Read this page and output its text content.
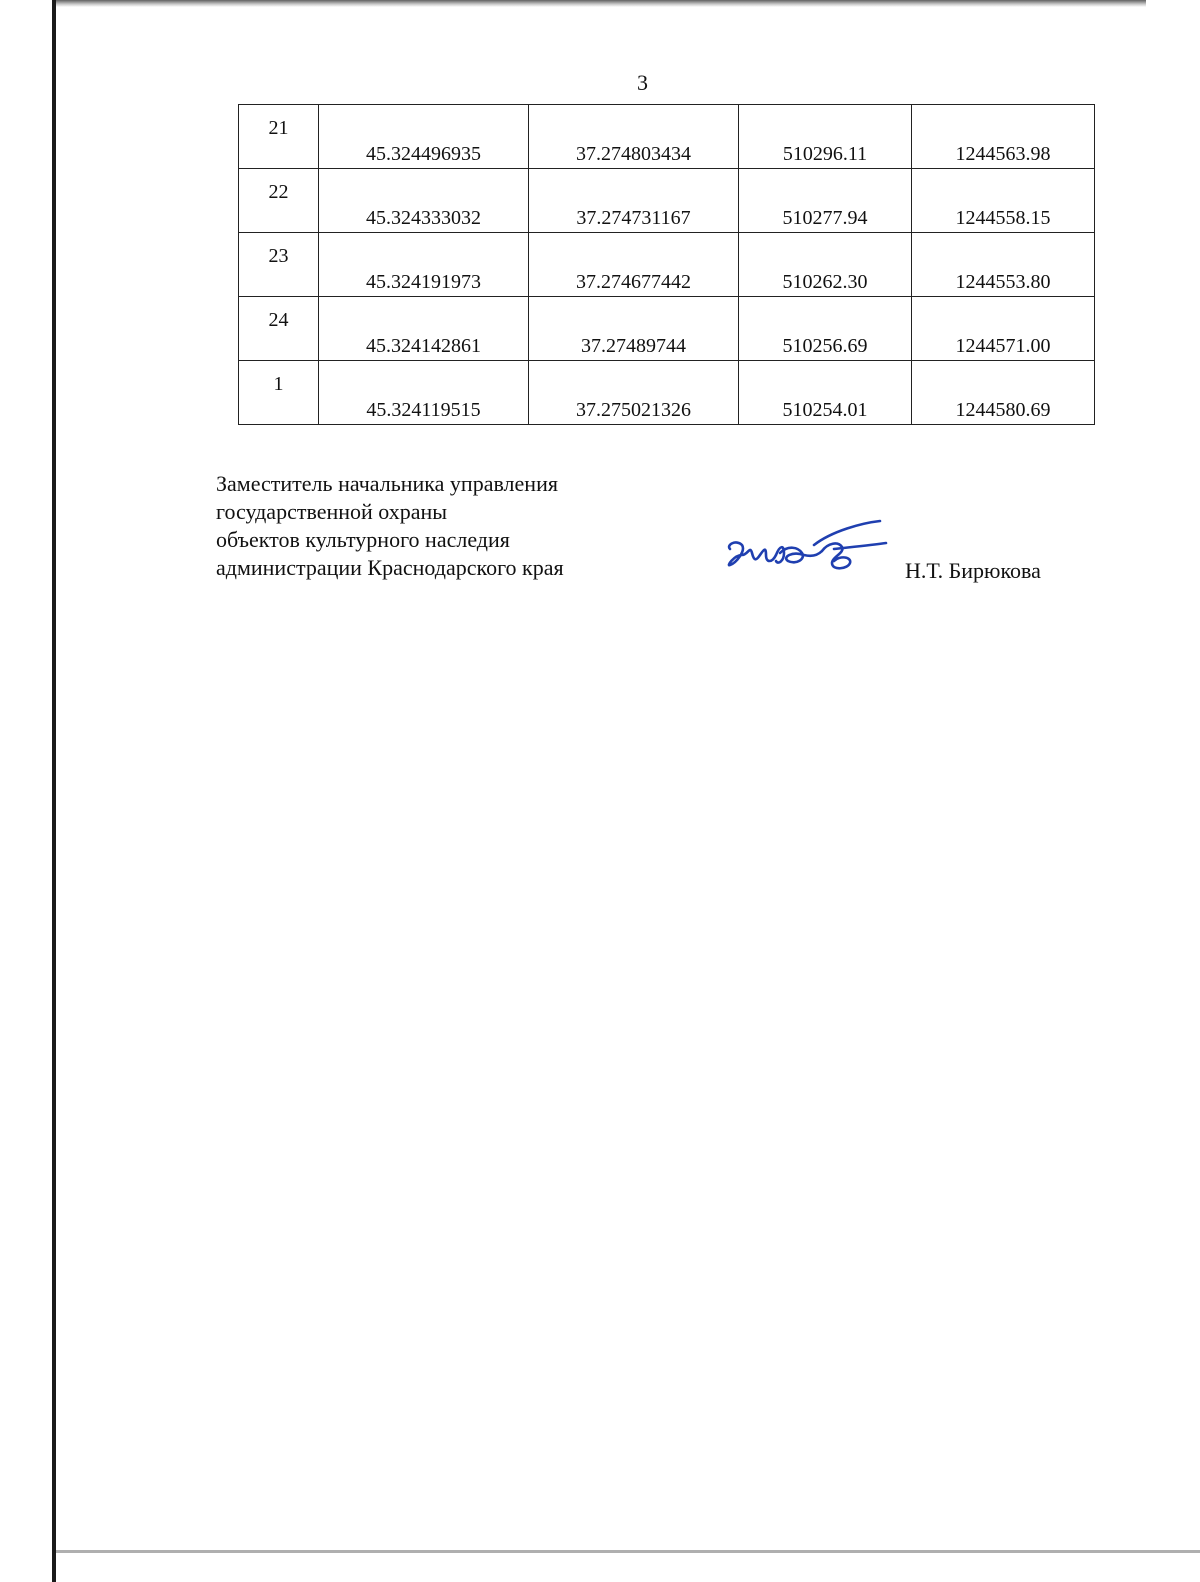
3
21	45.324496935	37.274803434	510296.11	1244563.98
22	45.324333032	37.274731167	510277.94	1244558.15
23	45.324191973	37.274677442	510262.30	1244553.80
24	45.324142861	37.27489744	510256.69	1244571.00
1	45.324119515	37.275021326	510254.01	1244580.69
Заместитель начальника управления
государственной охраны
объектов культурного наследия
администрации Краснодарского края	Н.Т. Бирюкова
